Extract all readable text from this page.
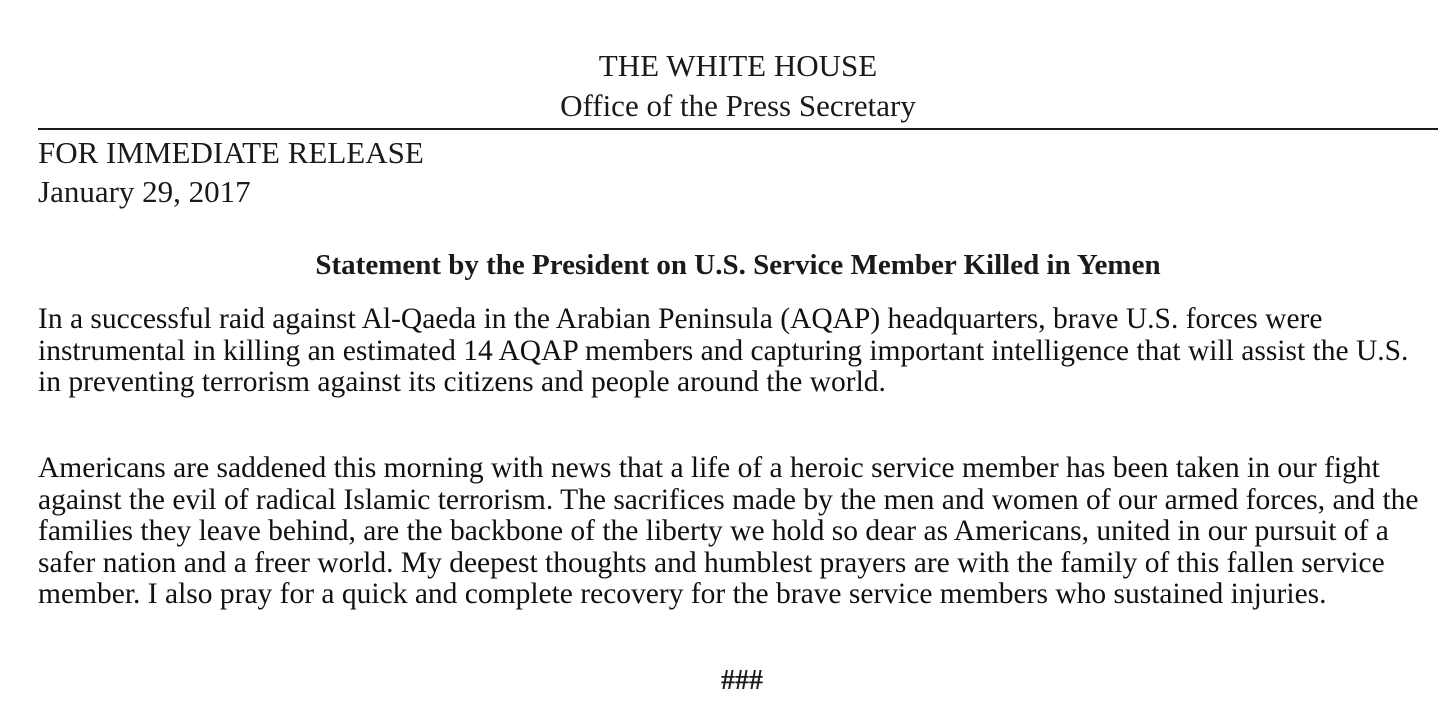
THE WHITE HOUSE
Office of the Press Secretary
FOR IMMEDIATE RELEASE
January 29, 2017
Statement by the President on U.S. Service Member Killed in Yemen

In a successful raid against Al-Qaeda in the Arabian Peninsula (AQAP) headquarters, brave U.S. forces were instrumental in killing an estimated 14 AQAP members and capturing important intelligence that will assist the U.S. in preventing terrorism against its citizens and people around the world.

Americans are saddened this morning with news that a life of a heroic service member has been taken in our fight against the evil of radical Islamic terrorism. The sacrifices made by the men and women of our armed forces, and the families they leave behind, are the backbone of the liberty we hold so dear as Americans, united in our pursuit of a safer nation and a freer world. My deepest thoughts and humblest prayers are with the family of this fallen service member. I also pray for a quick and complete recovery for the brave service members who sustained injuries.

###
